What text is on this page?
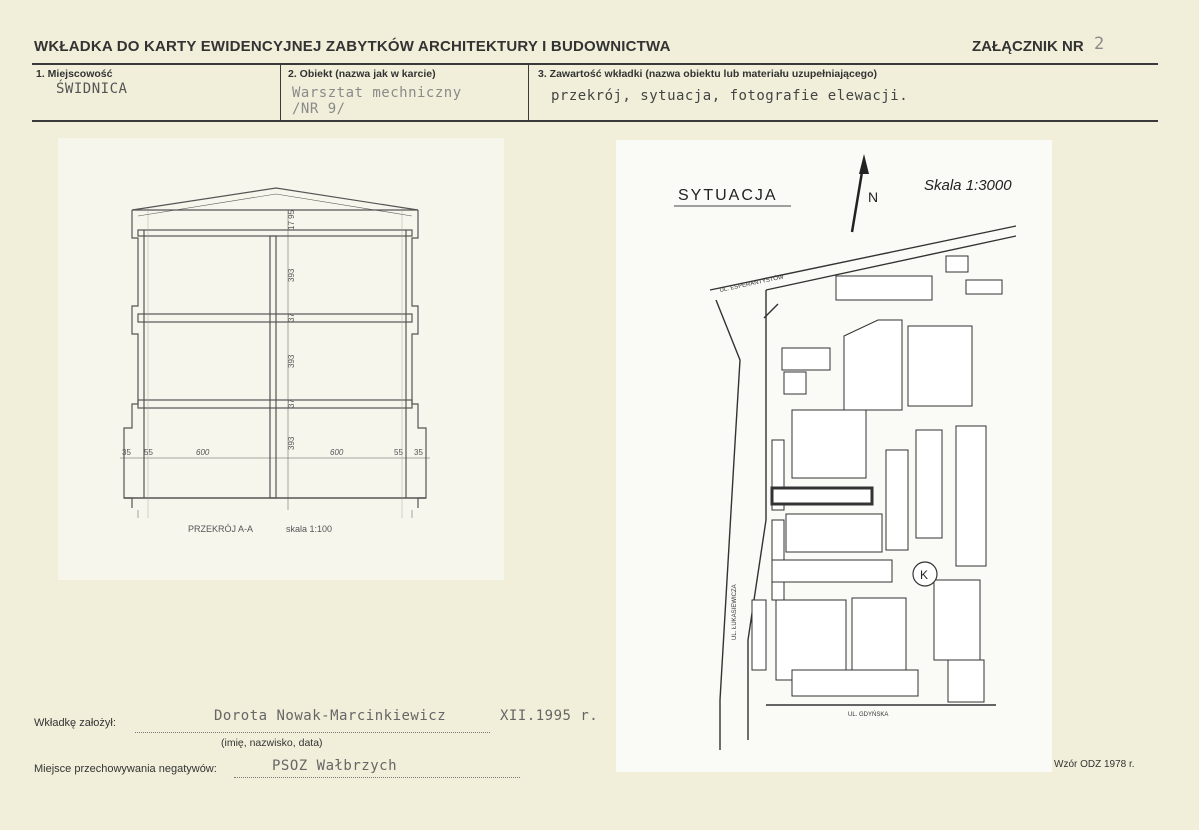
WKŁADKA DO KARTY EWIDENCYJNEJ ZABYTKÓW ARCHITEKTURY I BUDOWNICTWA	ZAŁĄCZNIK NR 2
1. Miejscowość
ŚWIDNICA
2. Obiekt (nazwa jak w karcie)
Warsztat mechniczny
/NR 9/
3. Zawartość wkładki (nazwa obiektu lub materiału uzupełniającego)
przekrój, sytuacja, fotografie elewacji.
35 55	600	600	55 35
17 95
393
37
393
37
393
PRZEKRÓJ A-A	skala 1:100
SYTUACJA	N
Skala 1:3000
UL. ESPERANTYSTÓW
UL. ŁUKASIEWICZA
UL. GDYŃSKA
K
Wkładkę założył:	Dorota Nowak-Marcinkiewicz	XII.1995 r.
(imię, nazwisko, data)
Miejsce przechowywania negatywów:	PSOZ Wałbrzych	Wzór ODZ 1978 r.
